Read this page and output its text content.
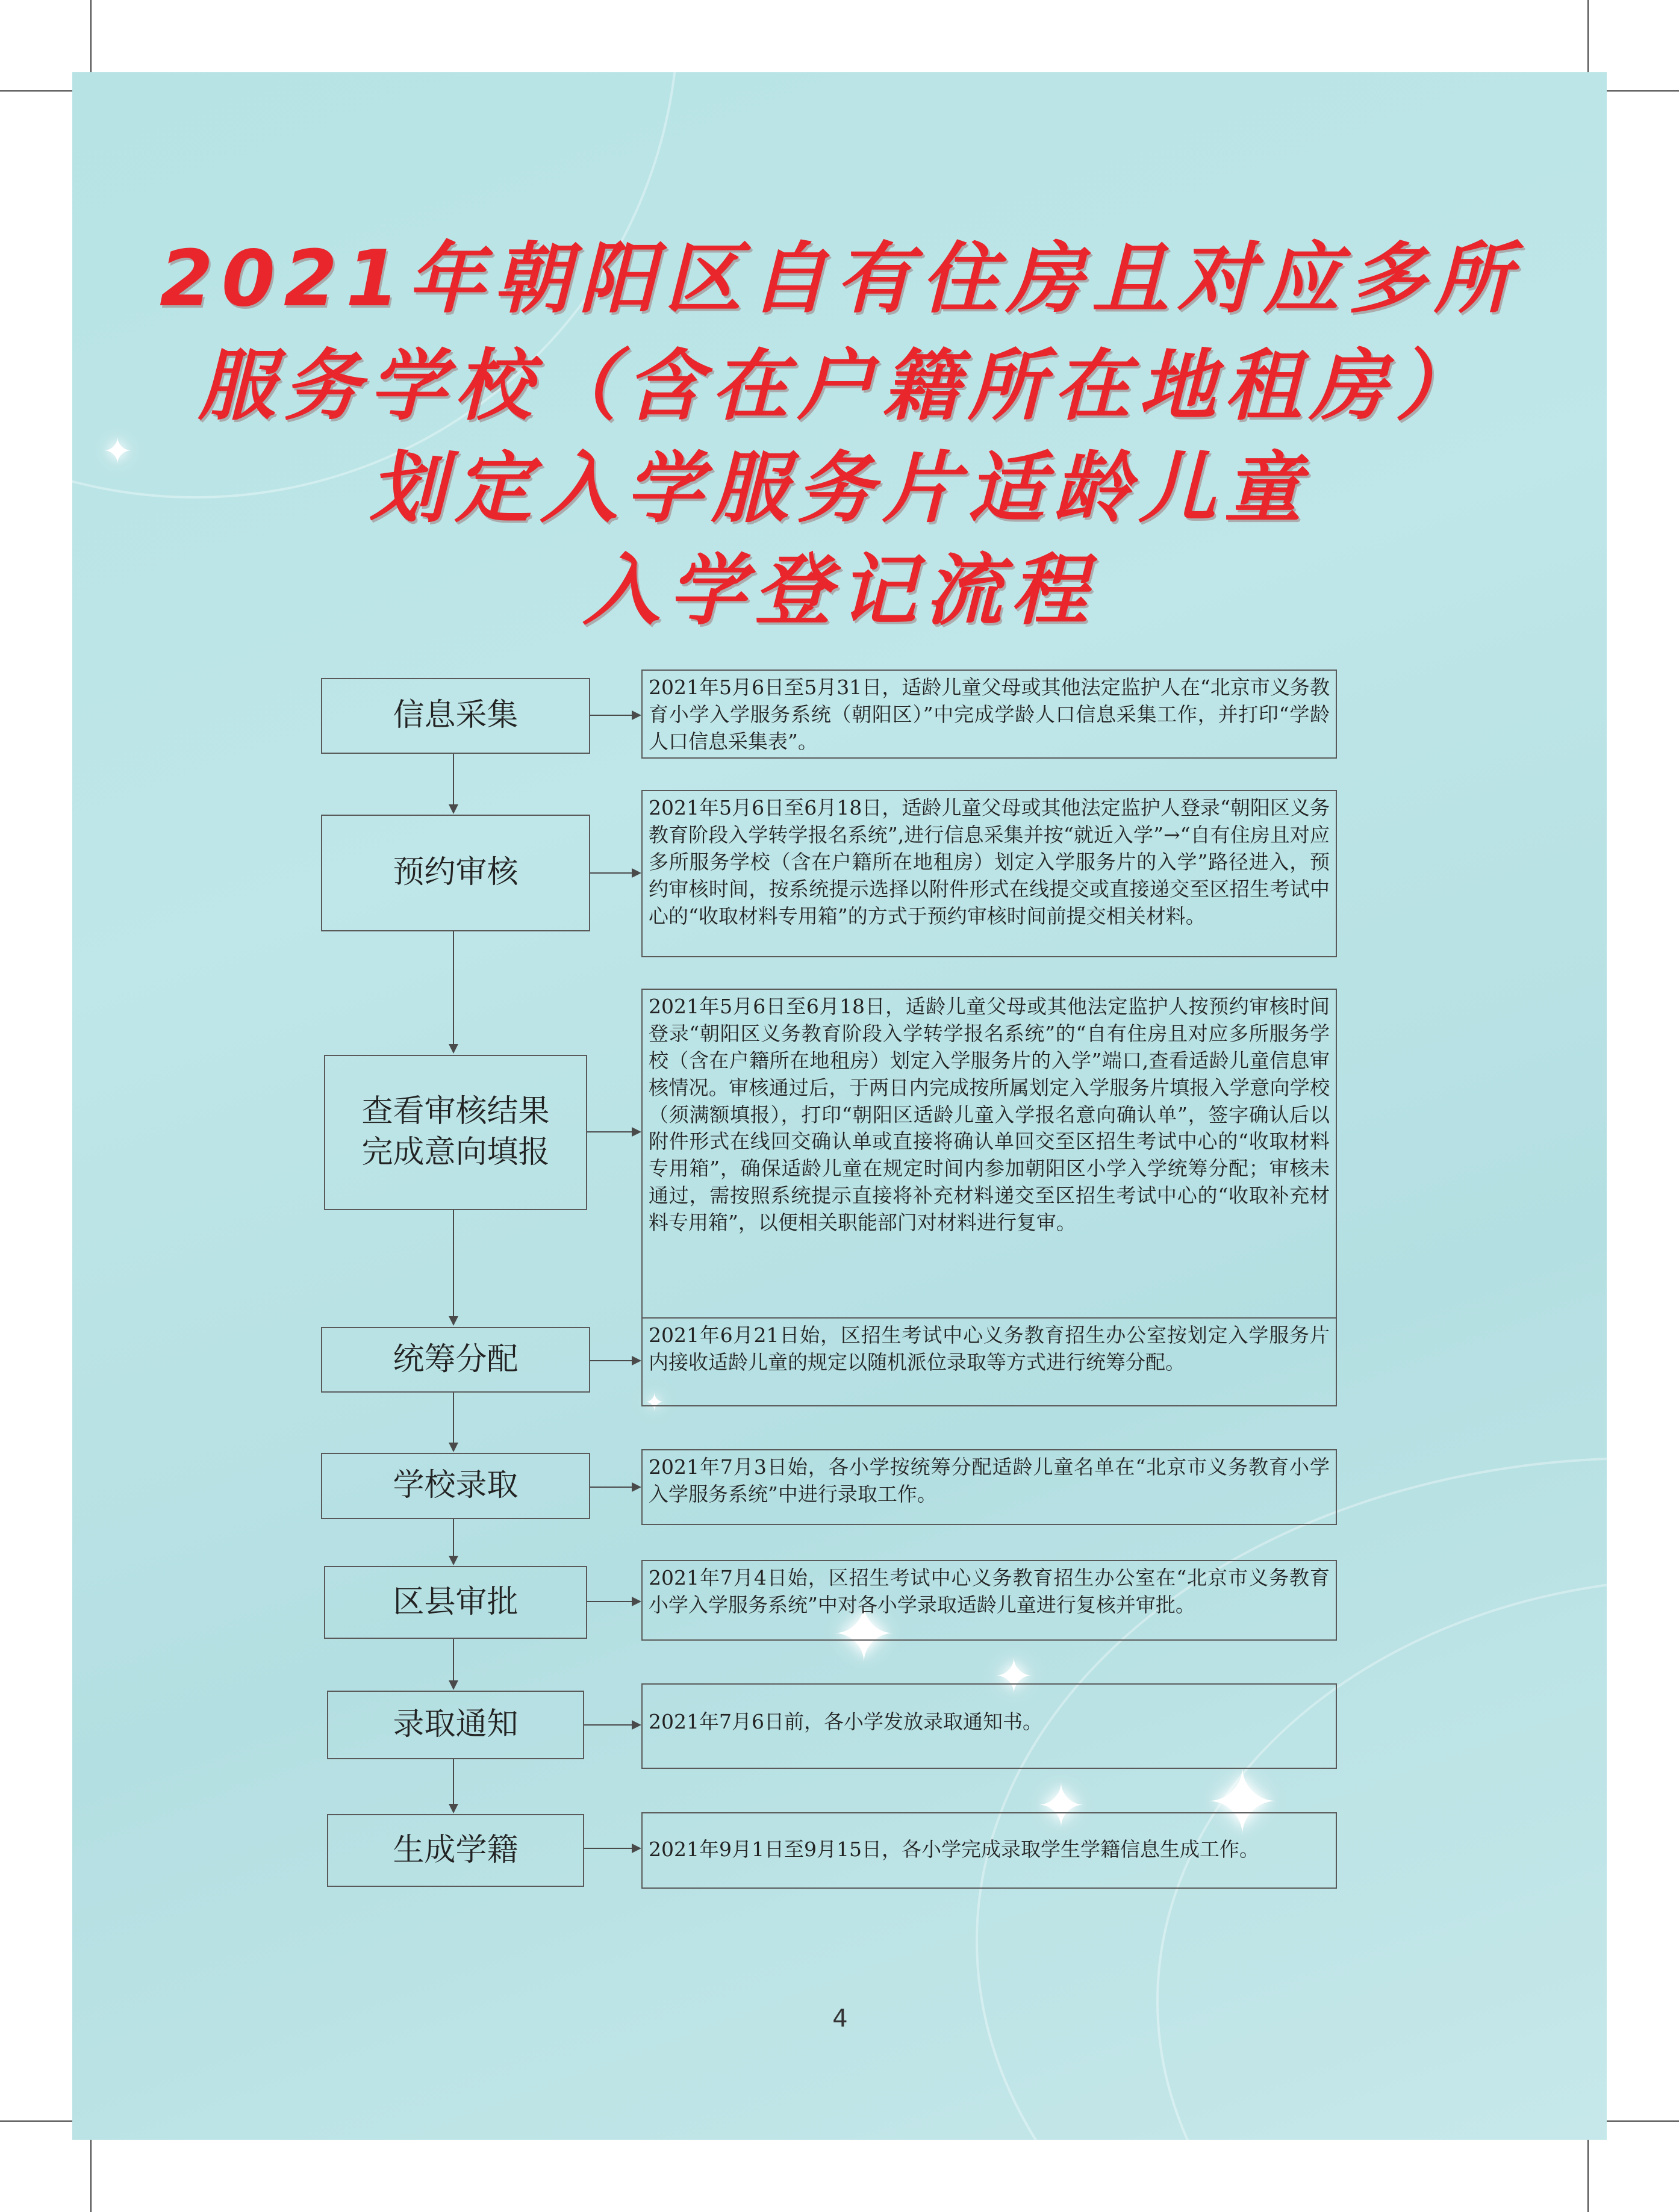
✦ ✦
✦ ✦
✦
✦
2021年朝阳区自有住房且对应多所
服务学校（含在户籍所在地租房）
划定入学服务片适龄儿童
入学登记流程
信息采集
预约审核
查看审核结果
完成意向填报
统筹分配
学校录取
区县审批
录取通知
生成学籍
2021年5月6日至5月31日，适龄儿童父母或其他法定监护人在“北京市义务教育小学入学服务系统（朝阳区）”中完成学龄人口信息采集工作，并打印“学龄人口信息采集表”。
2021年5月6日至6月18日，适龄儿童父母或其他法定监护人登录“朝阳区义务教育阶段入学转学报名系统”,进行信息采集并按“就近入学”→“自有住房且对应多所服务学校（含在户籍所在地租房）划定入学服务片的入学”路径进入，预约审核时间，按系统提示选择以附件形式在线提交或直接递交至区招生考试中心的“收取材料专用箱”的方式于预约审核时间前提交相关材料。
2021年5月6日至6月18日，适龄儿童父母或其他法定监护人按预约审核时间登录“朝阳区义务教育阶段入学转学报名系统”的“自有住房且对应多所服务学校（含在户籍所在地租房）划定入学服务片的入学”端口,查看适龄儿童信息审核情况。审核通过后，于两日内完成按所属划定入学服务片填报入学意向学校（须满额填报），打印“朝阳区适龄儿童入学报名意向确认单”，签字确认后以附件形式在线回交确认单或直接将确认单回交至区招生考试中心的“收取材料专用箱”，确保适龄儿童在规定时间内参加朝阳区小学入学统筹分配；审核未通过，需按照系统提示直接将补充材料递交至区招生考试中心的“收取补充材料专用箱”，以便相关职能部门对材料进行复审。
2021年6月21日始，区招生考试中心义务教育招生办公室按划定入学服务片内接收适龄儿童的规定以随机派位录取等方式进行统筹分配。
2021年7月3日始，各小学按统筹分配适龄儿童名单在“北京市义务教育小学入学服务系统”中进行录取工作。
2021年7月4日始，区招生考试中心义务教育招生办公室在“北京市义务教育小学入学服务系统”中对各小学录取适龄儿童进行复核并审批。
2021年7月6日前，各小学发放录取通知书。
2021年9月1日至9月15日，各小学完成录取学生学籍信息生成工作。
4
